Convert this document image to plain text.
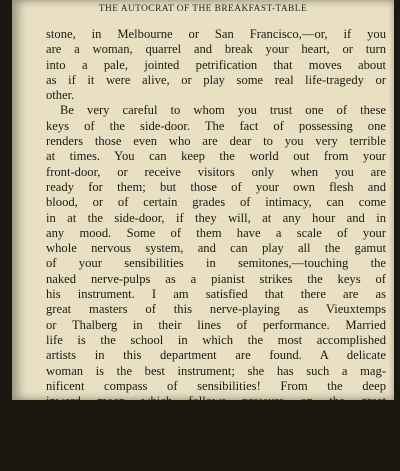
THE AUTOCRAT OF THE BREAKFAST-TABLE
stone, in Melbourne or San Francisco,—or, if you
are a woman, quarrel and break your heart, or turn
into a pale, jointed petrification that moves about
as if it were alive, or play some real life-tragedy or
other.
Be very careful to whom you trust one of these
keys of the side-door. The fact of possessing one
renders those even who are dear to you very terrible
at times. You can keep the world out from your
front-door, or receive visitors only when you are
ready for them; but those of your own flesh and
blood, or of certain grades of intimacy, can come
in at the side-door, if they will, at any hour and in
any mood. Some of them have a scale of your
whole nervous system, and can play all the gamut
of your sensibilities in semitones,—touching the
naked nerve-pulps as a pianist strikes the keys of
his instrument. I am satisfied that there are as
great masters of this nerve-playing as Vieuxtemps
or Thalberg in their lines of performance. Married
life is the school in which the most accomplished
artists in this department are found. A delicate
woman is the best instrument; she has such a mag-
nificent compass of sensibilities! From the deep
inward moan which follows pressure on the great
nerves of right, to the sharp cry as the filaments of
taste are struck with a crashing sweep, is a range
which no other instrument possesses. A few exer-
cises on it daily at home fit a man wonderfully for
